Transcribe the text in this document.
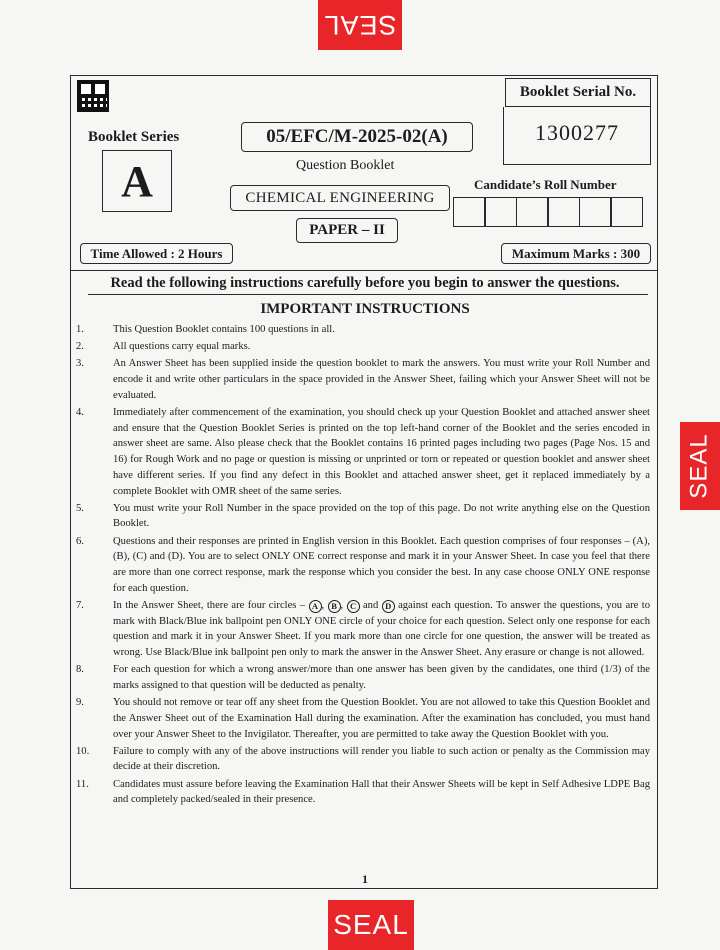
SEAL
SEAL
SEAL
Booklet Serial No.
1300277
Booklet Series
A
05/EFC/M-2025-02(A)
Question Booklet
CHEMICAL ENGINEERING
PAPER – II
Candidate’s Roll Number
Time Allowed : 2 Hours	Maximum Marks : 300
Read the following instructions carefully before you begin to answer the questions.
IMPORTANT INSTRUCTIONS
1.	This Question Booklet contains 100 questions in all.
2.	All questions carry equal marks.
3.	An Answer Sheet has been supplied inside the question booklet to mark the answers. You must write your Roll Number and encode it and write other particulars in the space provided in the Answer Sheet, failing which your Answer Sheet will not be evaluated.
4.	Immediately after commencement of the examination, you should check up your Question Booklet and attached answer sheet and ensure that the Question Booklet Series is printed on the top left-hand corner of the Booklet and the series encoded in answer sheet are same. Also please check that the Booklet contains 16 printed pages including two pages (Page Nos. 15 and 16) for Rough Work and no page or question is missing or unprinted or torn or repeated or question booklet and answer sheet have different series. If you find any defect in this Booklet and attached answer sheet, get it replaced immediately by a complete Booklet with OMR sheet of the same series.
5.	You must write your Roll Number in the space provided on the top of this page. Do not write anything else on the Question Booklet.
6.	Questions and their responses are printed in English version in this Booklet. Each question comprises of four responses – (A), (B), (C) and (D). You are to select ONLY ONE correct response and mark it in your Answer Sheet. In case you feel that there are more than one correct response, mark the response which you consider the best. In any case choose ONLY ONE response for each question.
7.	In the Answer Sheet, there are four circles – A , B , C and D against each question. To answer the questions, you are to mark with Black/Blue ink ballpoint pen ONLY ONE circle of your choice for each question. Select only one response for each question and mark it in your Answer Sheet. If you mark more than one circle for one question, the answer will be treated as wrong. Use Black/Blue ink ballpoint pen only to mark the answer in the Answer Sheet. Any erasure or change is not allowed.
8.	For each question for which a wrong answer/more than one answer has been given by the candidates, one third (1/3) of the marks assigned to that question will be deducted as penalty.
9.	You should not remove or tear off any sheet from the Question Booklet. You are not allowed to take this Question Booklet and the Answer Sheet out of the Examination Hall during the examination. After the examination has concluded, you must hand over your Answer Sheet to the Invigilator. Thereafter, you are permitted to take away the Question Booklet with you.
10. Failure to comply with any of the above instructions will render you liable to such action or penalty as the Commission may decide at their discretion.
11. Candidates must assure before leaving the Examination Hall that their Answer Sheets will be kept in Self Adhesive LDPE Bag and completely packed/sealed in their presence.
1
